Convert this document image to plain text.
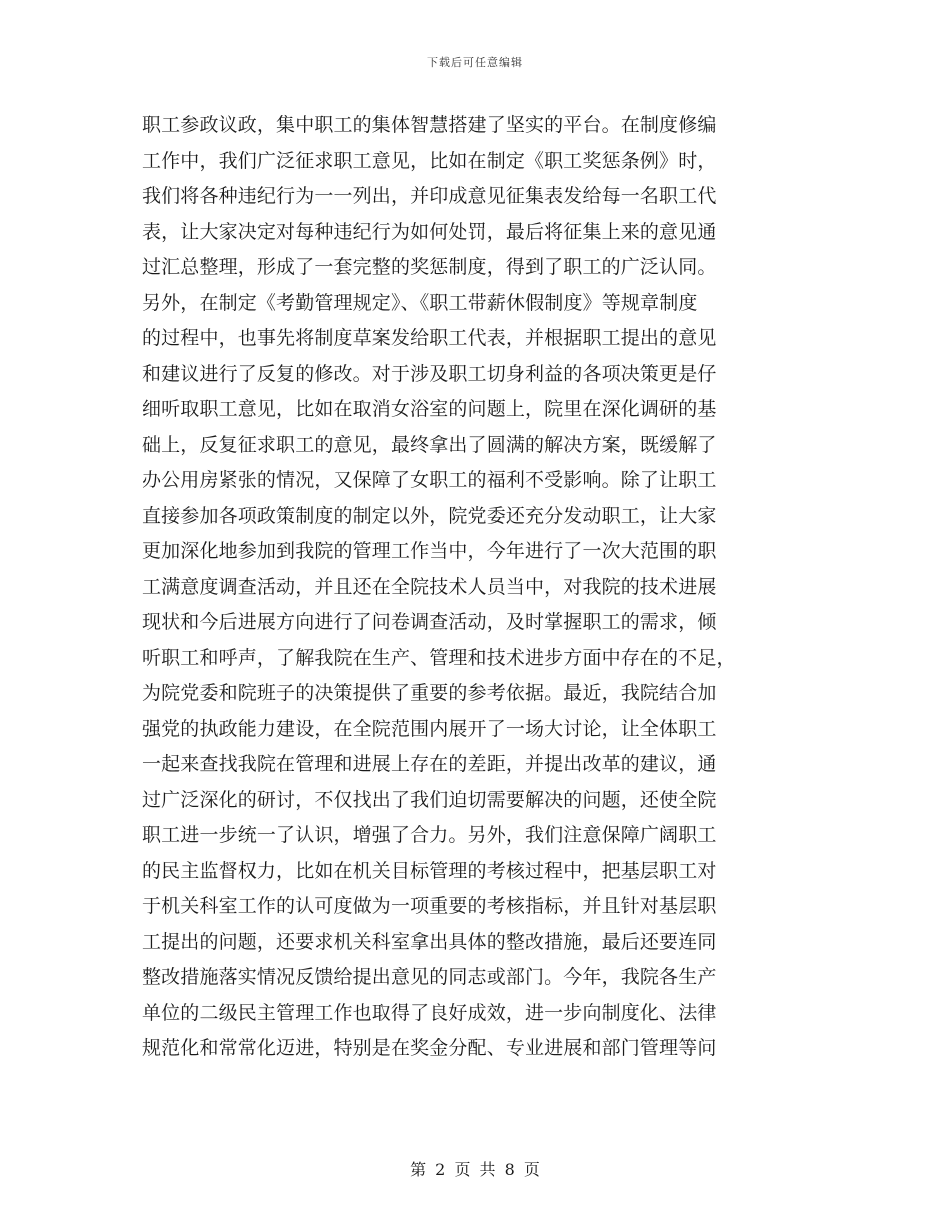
下载后可任意编辑
职工参政议政，集中职工的集体智慧搭建了坚实的平台。在制度修编
工作中，我们广泛征求职工意见，比如在制定《职工奖惩条例》时，
我们将各种违纪行为一一列出，并印成意见征集表发给每一名职工代
表，让大家决定对每种违纪行为如何处罚，最后将征集上来的意见通
过汇总整理，形成了一套完整的奖惩制度，得到了职工的广泛认同。
另外，在制定《考勤管理规定》、《职工带薪休假制度》等规章制度
的过程中，也事先将制度草案发给职工代表，并根据职工提出的意见
和建议进行了反复的修改。对于涉及职工切身利益的各项决策更是仔
细听取职工意见，比如在取消女浴室的问题上，院里在深化调研的基
础上，反复征求职工的意见，最终拿出了圆满的解决方案，既缓解了
办公用房紧张的情况，又保障了女职工的福利不受影响。除了让职工
直接参加各项政策制度的制定以外，院党委还充分发动职工，让大家
更加深化地参加到我院的管理工作当中，今年进行了一次大范围的职
工满意度调查活动，并且还在全院技术人员当中，对我院的技术进展
现状和今后进展方向进行了问卷调查活动，及时掌握职工的需求，倾
听职工和呼声，了解我院在生产、管理和技术进步方面中存在的不足，
为院党委和院班子的决策提供了重要的参考依据。最近，我院结合加
强党的执政能力建设，在全院范围内展开了一场大讨论，让全体职工
一起来查找我院在管理和进展上存在的差距，并提出改革的建议，通
过广泛深化的研讨，不仅找出了我们迫切需要解决的问题，还使全院
职工进一步统一了认识，增强了合力。另外，我们注意保障广阔职工
的民主监督权力，比如在机关目标管理的考核过程中，把基层职工对
于机关科室工作的认可度做为一项重要的考核指标，并且针对基层职
工提出的问题，还要求机关科室拿出具体的整改措施，最后还要连同
整改措施落实情况反馈给提出意见的同志或部门。今年，我院各生产
单位的二级民主管理工作也取得了良好成效，进一步向制度化、法律
规范化和常常化迈进，特别是在奖金分配、专业进展和部门管理等问
第 2 页 共 8 页
